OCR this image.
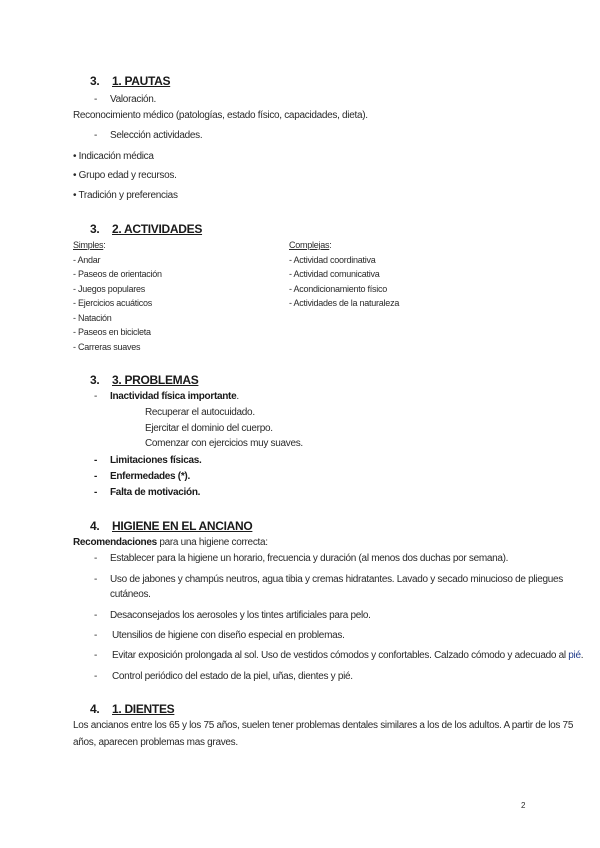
3. 1. PAUTAS
- Valoración.
Reconocimiento médico (patologías, estado físico, capacidades, dieta).
- Selección actividades.
• Indicación médica
• Grupo edad y recursos.
• Tradición y preferencias
3. 2. ACTIVIDADES
Simples:	Complejas:
- Andar
- Paseos de orientación
- Juegos populares
- Ejercicios acuáticos
- Natación
- Paseos en bicicleta
- Carreras suaves
- Actividad coordinativa
- Actividad comunicativa
- Acondicionamiento físico
- Actividades de la naturaleza
3. 3. PROBLEMAS
- Inactividad física importante.
Recuperar el autocuidado.
Ejercitar el dominio del cuerpo.
Comenzar con ejercicios muy suaves.
- Limitaciones físicas.
- Enfermedades (*).
- Falta de motivación.
4. HIGIENE EN EL ANCIANO
Recomendaciones para una higiene correcta:
- Establecer para la higiene un horario, frecuencia y duración (al menos dos duchas por semana).
- Uso de jabones y champús neutros, agua tibia y cremas hidratantes. Lavado y secado minucioso de pliegues
cutáneos.
- Desaconsejados los aerosoles y los tintes artificiales para pelo.
- Utensilios de higiene con diseño especial en problemas.
- Evitar exposición prolongada al sol. Uso de vestidos cómodos y confortables. Calzado cómodo y adecuado al pié.
- Control periódico del estado de la piel, uñas, dientes y pié.
4. 1. DIENTES
Los ancianos entre los 65 y los 75 años, suelen tener problemas dentales similares a los de los adultos. A partir de los 75
años, aparecen problemas mas graves.
2
